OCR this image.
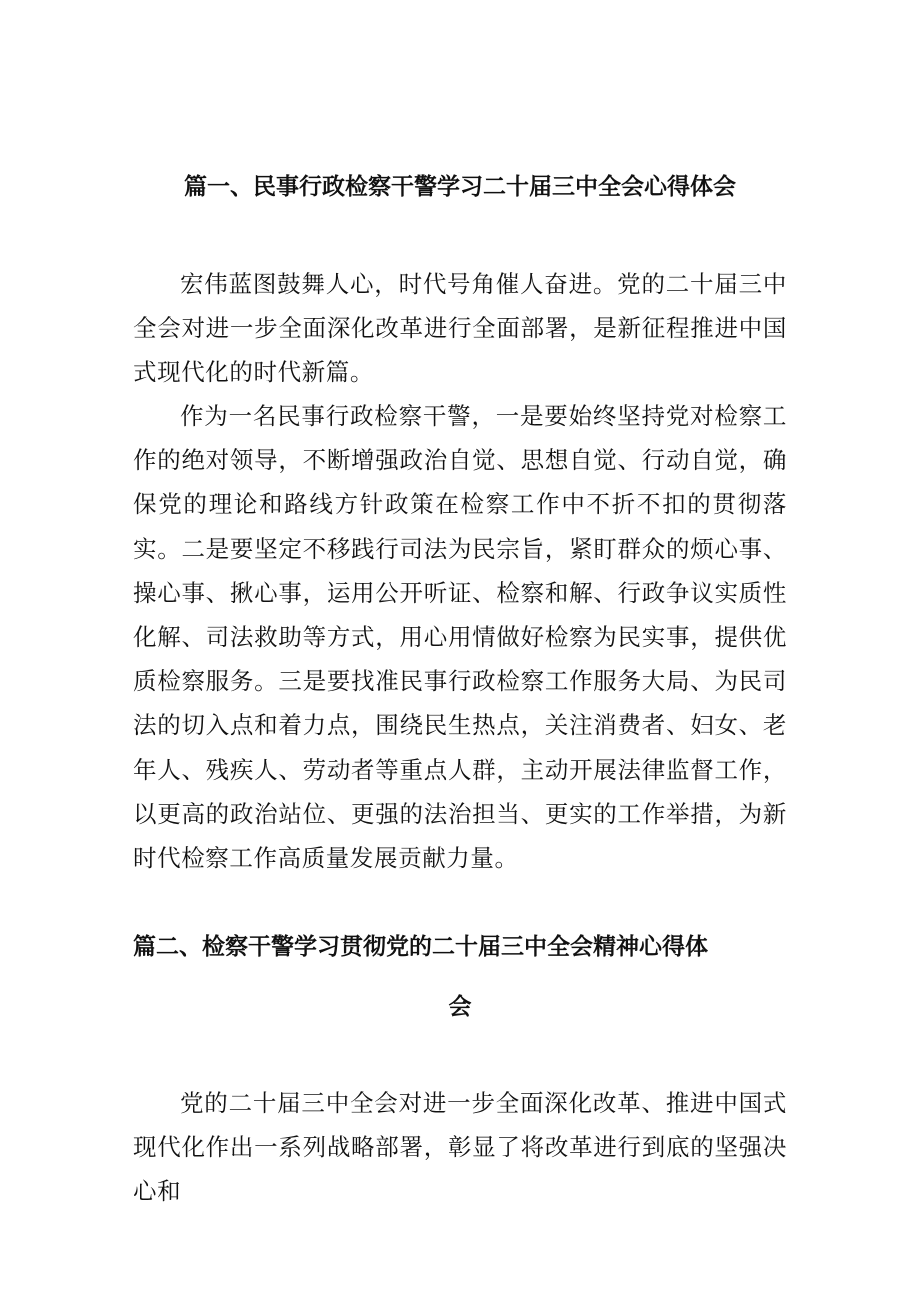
篇一、民事行政检察干警学习二十届三中全会心得体会

宏伟蓝图鼓舞人心，时代号角催人奋进。党的二十届三中全会对进一步全面深化改革进行全面部署，是新征程推进中国式现代化的时代新篇。

作为一名民事行政检察干警，一是要始终坚持党对检察工作的绝对领导，不断增强政治自觉、思想自觉、行动自觉，确保党的理论和路线方针政策在检察工作中不折不扣的贯彻落实。二是要坚定不移践行司法为民宗旨，紧盯群众的烦心事、操心事、揪心事，运用公开听证、检察和解、行政争议实质性化解、司法救助等方式，用心用情做好检察为民实事，提供优质检察服务。三是要找准民事行政检察工作服务大局、为民司法的切入点和着力点，围绕民生热点，关注消费者、妇女、老年人、残疾人、劳动者等重点人群，主动开展法律监督工作，以更高的政治站位、更强的法治担当、更实的工作举措，为新时代检察工作高质量发展贡献力量。

篇二、检察干警学习贯彻党的二十届三中全会精神心得体
会

党的二十届三中全会对进一步全面深化改革、推进中国式现代化作出一系列战略部署，彰显了将改革进行到底的坚强决心和
